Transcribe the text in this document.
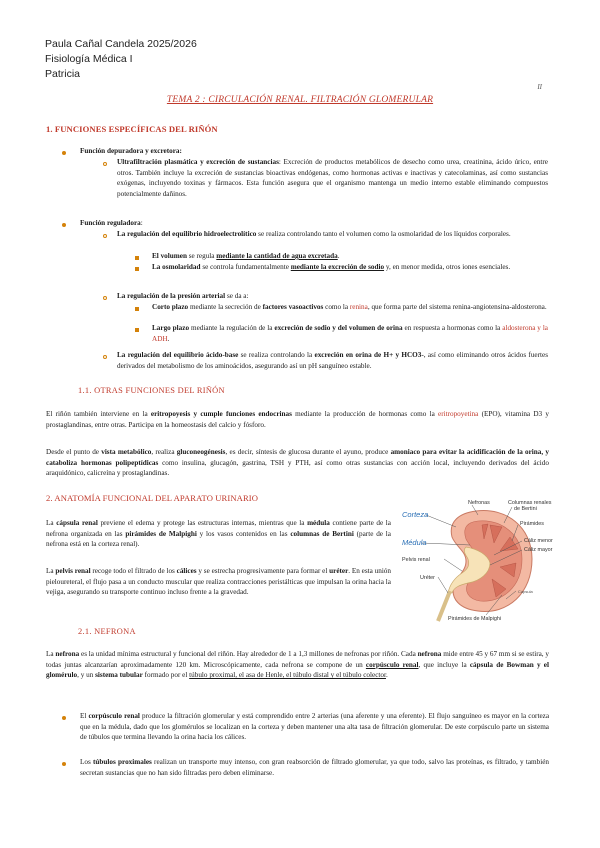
Paula Cañal Candela 2025/2026
Fisiología Médica I
Patricia
II
TEMA 2 : CIRCULACIÓN RENAL. FILTRACIÓN GLOMERULAR
1. FUNCIONES ESPECÍFICAS DEL RIÑÓN
Función depuradora y excretora:
Ultrafiltración plasmática y excreción de sustancias: Excreción de productos metabólicos de desecho como urea, creatinina, ácido úrico, entre otros. También incluye la excreción de sustancias bioactivas endógenas, como hormonas activas e inactivas y catecolaminas, así como sustancias exógenas, incluyendo toxinas y fármacos. Esta función asegura que el organismo mantenga un medio interno estable eliminando compuestos potencialmente dañinos.
Función reguladora:
La regulación del equilibrio hidroelectrolítico se realiza controlando tanto el volumen como la osmolaridad de los líquidos corporales.
El volumen se regula mediante la cantidad de agua excretada.
La osmolaridad se controla fundamentalmente mediante la excreción de sodio y, en menor medida, otros iones esenciales.
La regulación de la presión arterial se da a:
Corto plazo mediante la secreción de factores vasoactivos como la renina, que forma parte del sistema renina-angiotensina-aldosterona.
Largo plazo mediante la regulación de la excreción de sodio y del volumen de orina en respuesta a hormonas como la aldosterona y la ADH.
La regulación del equilibrio ácido-base se realiza controlando la excreción en orina de H+ y HCO3-, así como eliminando otros ácidos fuertes derivados del metabolismo de los aminoácidos, asegurando así un pH sanguíneo estable.
1.1. OTRAS FUNCIONES DEL RIÑÓN
El riñón también interviene en la eritropoyesis y cumple funciones endocrinas mediante la producción de hormonas como la eritropoyetina (EPO), vitamina D3 y prostaglandinas, entre otras. Participa en la homeostasis del calcio y fósforo.
Desde el punto de vista metabólico, realiza gluconeogénesis, es decir, síntesis de glucosa durante el ayuno, produce amoniaco para evitar la acidificación de la orina, y cataboliza hormonas polipeptídicas como insulina, glucagón, gastrina, TSH y PTH, así como otras sustancias con acción local, incluyendo derivados del ácido araquidónico, calicreína y prostaglandinas.
2. ANATOMÍA FUNCIONAL DEL APARATO URINARIO
La cápsula renal previene el edema y protege las estructuras internas, mientras que la médula contiene parte de la nefrona organizada en las pirámides de Malpighi y los vasos contenidos en las columnas de Bertini (parte de la nefrona está en la corteza renal).
La pelvis renal recoge todo el filtrado de los cálices y se estrecha progresivamente para formar el uréter. En esta unión pieloureteral, el flujo pasa a un conducto muscular que realiza contracciones peristálticas que impulsan la orina hacia la vejiga, asegurando su transporte continuo incluso frente a la gravedad.
Nefronas	Columnas renales
de Bertini
Corteza
Pirámides
Cáliz menor
Médula
Cáliz mayor
Pelvis renal
Uréter
Cápsula
Pirámides de Malpighi
2.1. NEFRONA
La nefrona es la unidad mínima estructural y funcional del riñón. Hay alrededor de 1 a 1,3 millones de nefronas por riñón. Cada nefrona mide entre 45 y 67 mm si se estira, y todas juntas alcanzarían aproximadamente 120 km. Microscópicamente, cada nefrona se compone de un corpúsculo renal, que incluye la cápsula de Bowman y el glomérulo, y un sistema tubular formado por el túbulo proximal, el asa de Henle, el túbulo distal y el túbulo colector.
El corpúsculo renal produce la filtración glomerular y está comprendido entre 2 arterias (una aferente y una eferente). El flujo sanguíneo es mayor en la corteza que en la médula, dado que los glomérulos se localizan en la corteza y deben mantener una alta tasa de filtración glomerular. De este corpúsculo parte un sistema de túbulos que termina llevando la orina hacia los cálices.
Los túbulos proximales realizan un transporte muy intenso, con gran reabsorción de filtrado glomerular, ya que todo, salvo las proteínas, es filtrado, y también secretan sustancias que no han sido filtradas pero deben eliminarse.
